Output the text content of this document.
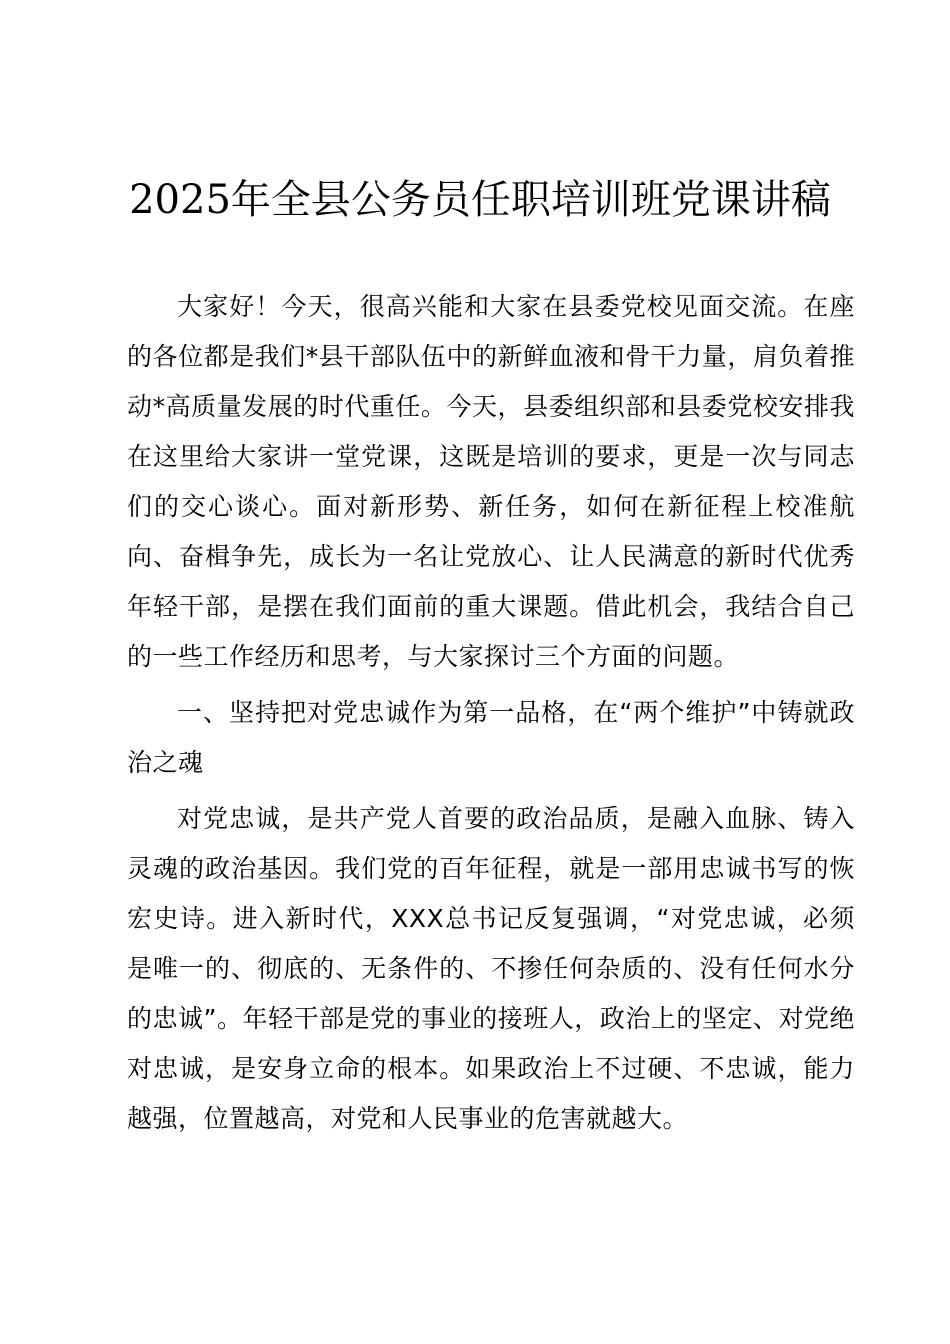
2025年全县公务员任职培训班党课讲稿

大家好！今天，很高兴能和大家在县委党校见面交流。在座的各位都是我们*县干部队伍中的新鲜血液和骨干力量，肩负着推动*高质量发展的时代重任。今天，县委组织部和县委党校安排我在这里给大家讲一堂党课，这既是培训的要求，更是一次与同志们的交心谈心。面对新形势、新任务，如何在新征程上校准航向、奋楫争先，成长为一名让党放心、让人民满意的新时代优秀年轻干部，是摆在我们面前的重大课题。借此机会，我结合自己的一些工作经历和思考，与大家探讨三个方面的问题。

一、坚持把对党忠诚作为第一品格，在“两个维护”中铸就政治之魂

对党忠诚，是共产党人首要的政治品质，是融入血脉、铸入灵魂的政治基因。我们党的百年征程，就是一部用忠诚书写的恢宏史诗。进入新时代，XXX总书记反复强调，“对党忠诚，必须是唯一的、彻底的、无条件的、不掺任何杂质的、没有任何水分的忠诚”。年轻干部是党的事业的接班人，政治上的坚定、对党绝对忠诚，是安身立命的根本。如果政治上不过硬、不忠诚，能力越强，位置越高，对党和人民事业的危害就越大。
